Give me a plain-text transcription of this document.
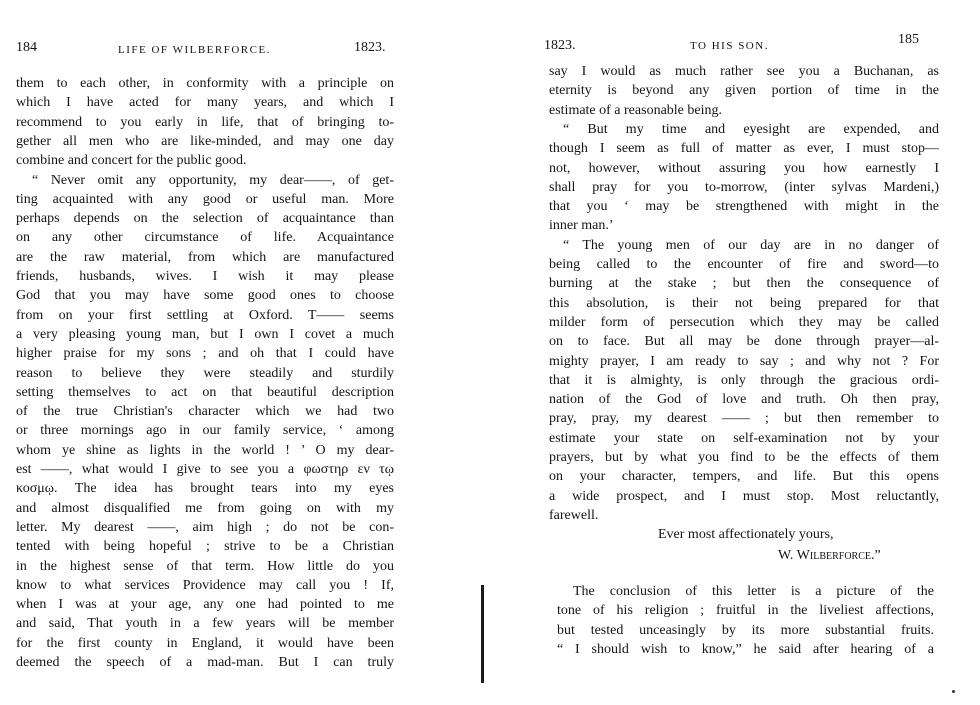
184	LIFE OF WILBERFORCE.	1823.
them to each other, in conformity with a principle on
which I have acted for many years, and which I
recommend to you early in life, that of bringing to-
gether all men who are like-minded, and may one day
combine and concert for the public good.
“ Never omit any opportunity, my dear——, of get-
ting acquainted with any good or useful man. More
perhaps depends on the selection of acquaintance than
on any other circumstance of life. Acquaintance
are the raw material, from which are manufactured
friends, husbands, wives. I wish it may please
God that you may have some good ones to choose
from on your first settling at Oxford. T—— seems
a very pleasing young man, but I own I covet a much
higher praise for my sons ; and oh that I could have
reason to believe they were steadily and sturdily
setting themselves to act on that beautiful description
of the true Christian's character which we had two
or three mornings ago in our family service, ‘ among
whom ye shine as lights in the world ! ’ O my dear-
est ——, what would I give to see you a φωστηρ εν τῳ
κοσμῳ. The idea has brought tears into my eyes
and almost disqualified me from going on with my
letter. My dearest ——, aim high ; do not be con-
tented with being hopeful ; strive to be a Christian
in the highest sense of that term. How little do you
know to what services Providence may call you ! If,
when I was at your age, any one had pointed to me
and said, That youth in a few years will be member
for the first county in England, it would have been
deemed the speech of a mad-man. But I can truly
1823.	TO HIS SON.	185
say I would as much rather see you a Buchanan, as
eternity is beyond any given portion of time in the
estimate of a reasonable being.
“ But my time and eyesight are expended, and
though I seem as full of matter as ever, I must stop—
not, however, without assuring you how earnestly I
shall pray for you to-morrow, (inter sylvas Mardeni,)
that you ‘ may be strengthened with might in the
inner man.’
“ The young men of our day are in no danger of
being called to the encounter of fire and sword—to
burning at the stake ; but then the consequence of
this absolution, is their not being prepared for that
milder form of persecution which they may be called
on to face. But all may be done through prayer—al-
mighty prayer, I am ready to say ; and why not ? For
that it is almighty, is only through the gracious ordi-
nation of the God of love and truth. Oh then pray,
pray, pray, my dearest —— ; but then remember to
estimate your state on self-examination not by your
prayers, but by what you find to be the effects of them
on your character, tempers, and life. But this opens
a wide prospect, and I must stop. Most reluctantly,
farewell.
Ever most affectionately yours,
W. Wilberforce.”
The conclusion of this letter is a picture of the
tone of his religion ; fruitful in the liveliest affections,
but tested unceasingly by its more substantial fruits.
“ I should wish to know,” he said after hearing of a
